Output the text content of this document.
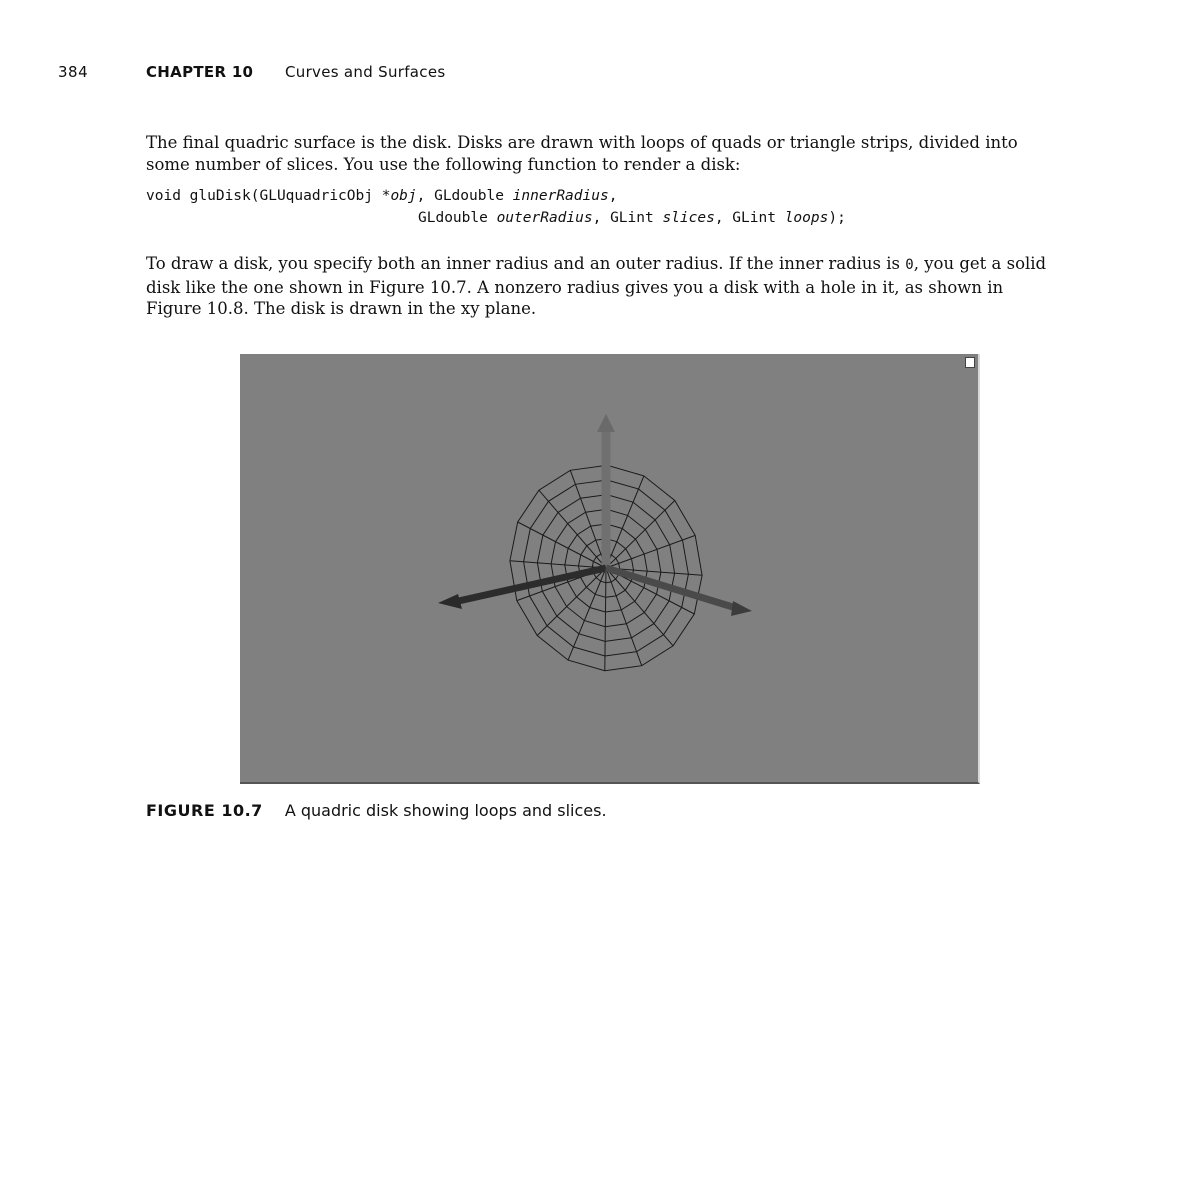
384	CHAPTER 10 Curves and Surfaces

The final quadric surface is the disk. Disks are drawn with loops of quads or triangle strips, divided into some number of slices. You use the following function to render a disk:

void gluDisk(GLUquadricObj *obj, GLdouble innerRadius,
GLdouble outerRadius, GLint slices, GLint loops);

To draw a disk, you specify both an inner radius and an outer radius. If the inner radius is 0, you get a solid disk like the one shown in Figure 10.7. A nonzero radius gives you a disk with a hole in it, as shown in Figure 10.8. The disk is drawn in the xy plane.

FIGURE 10.7 A quadric disk showing loops and slices.
